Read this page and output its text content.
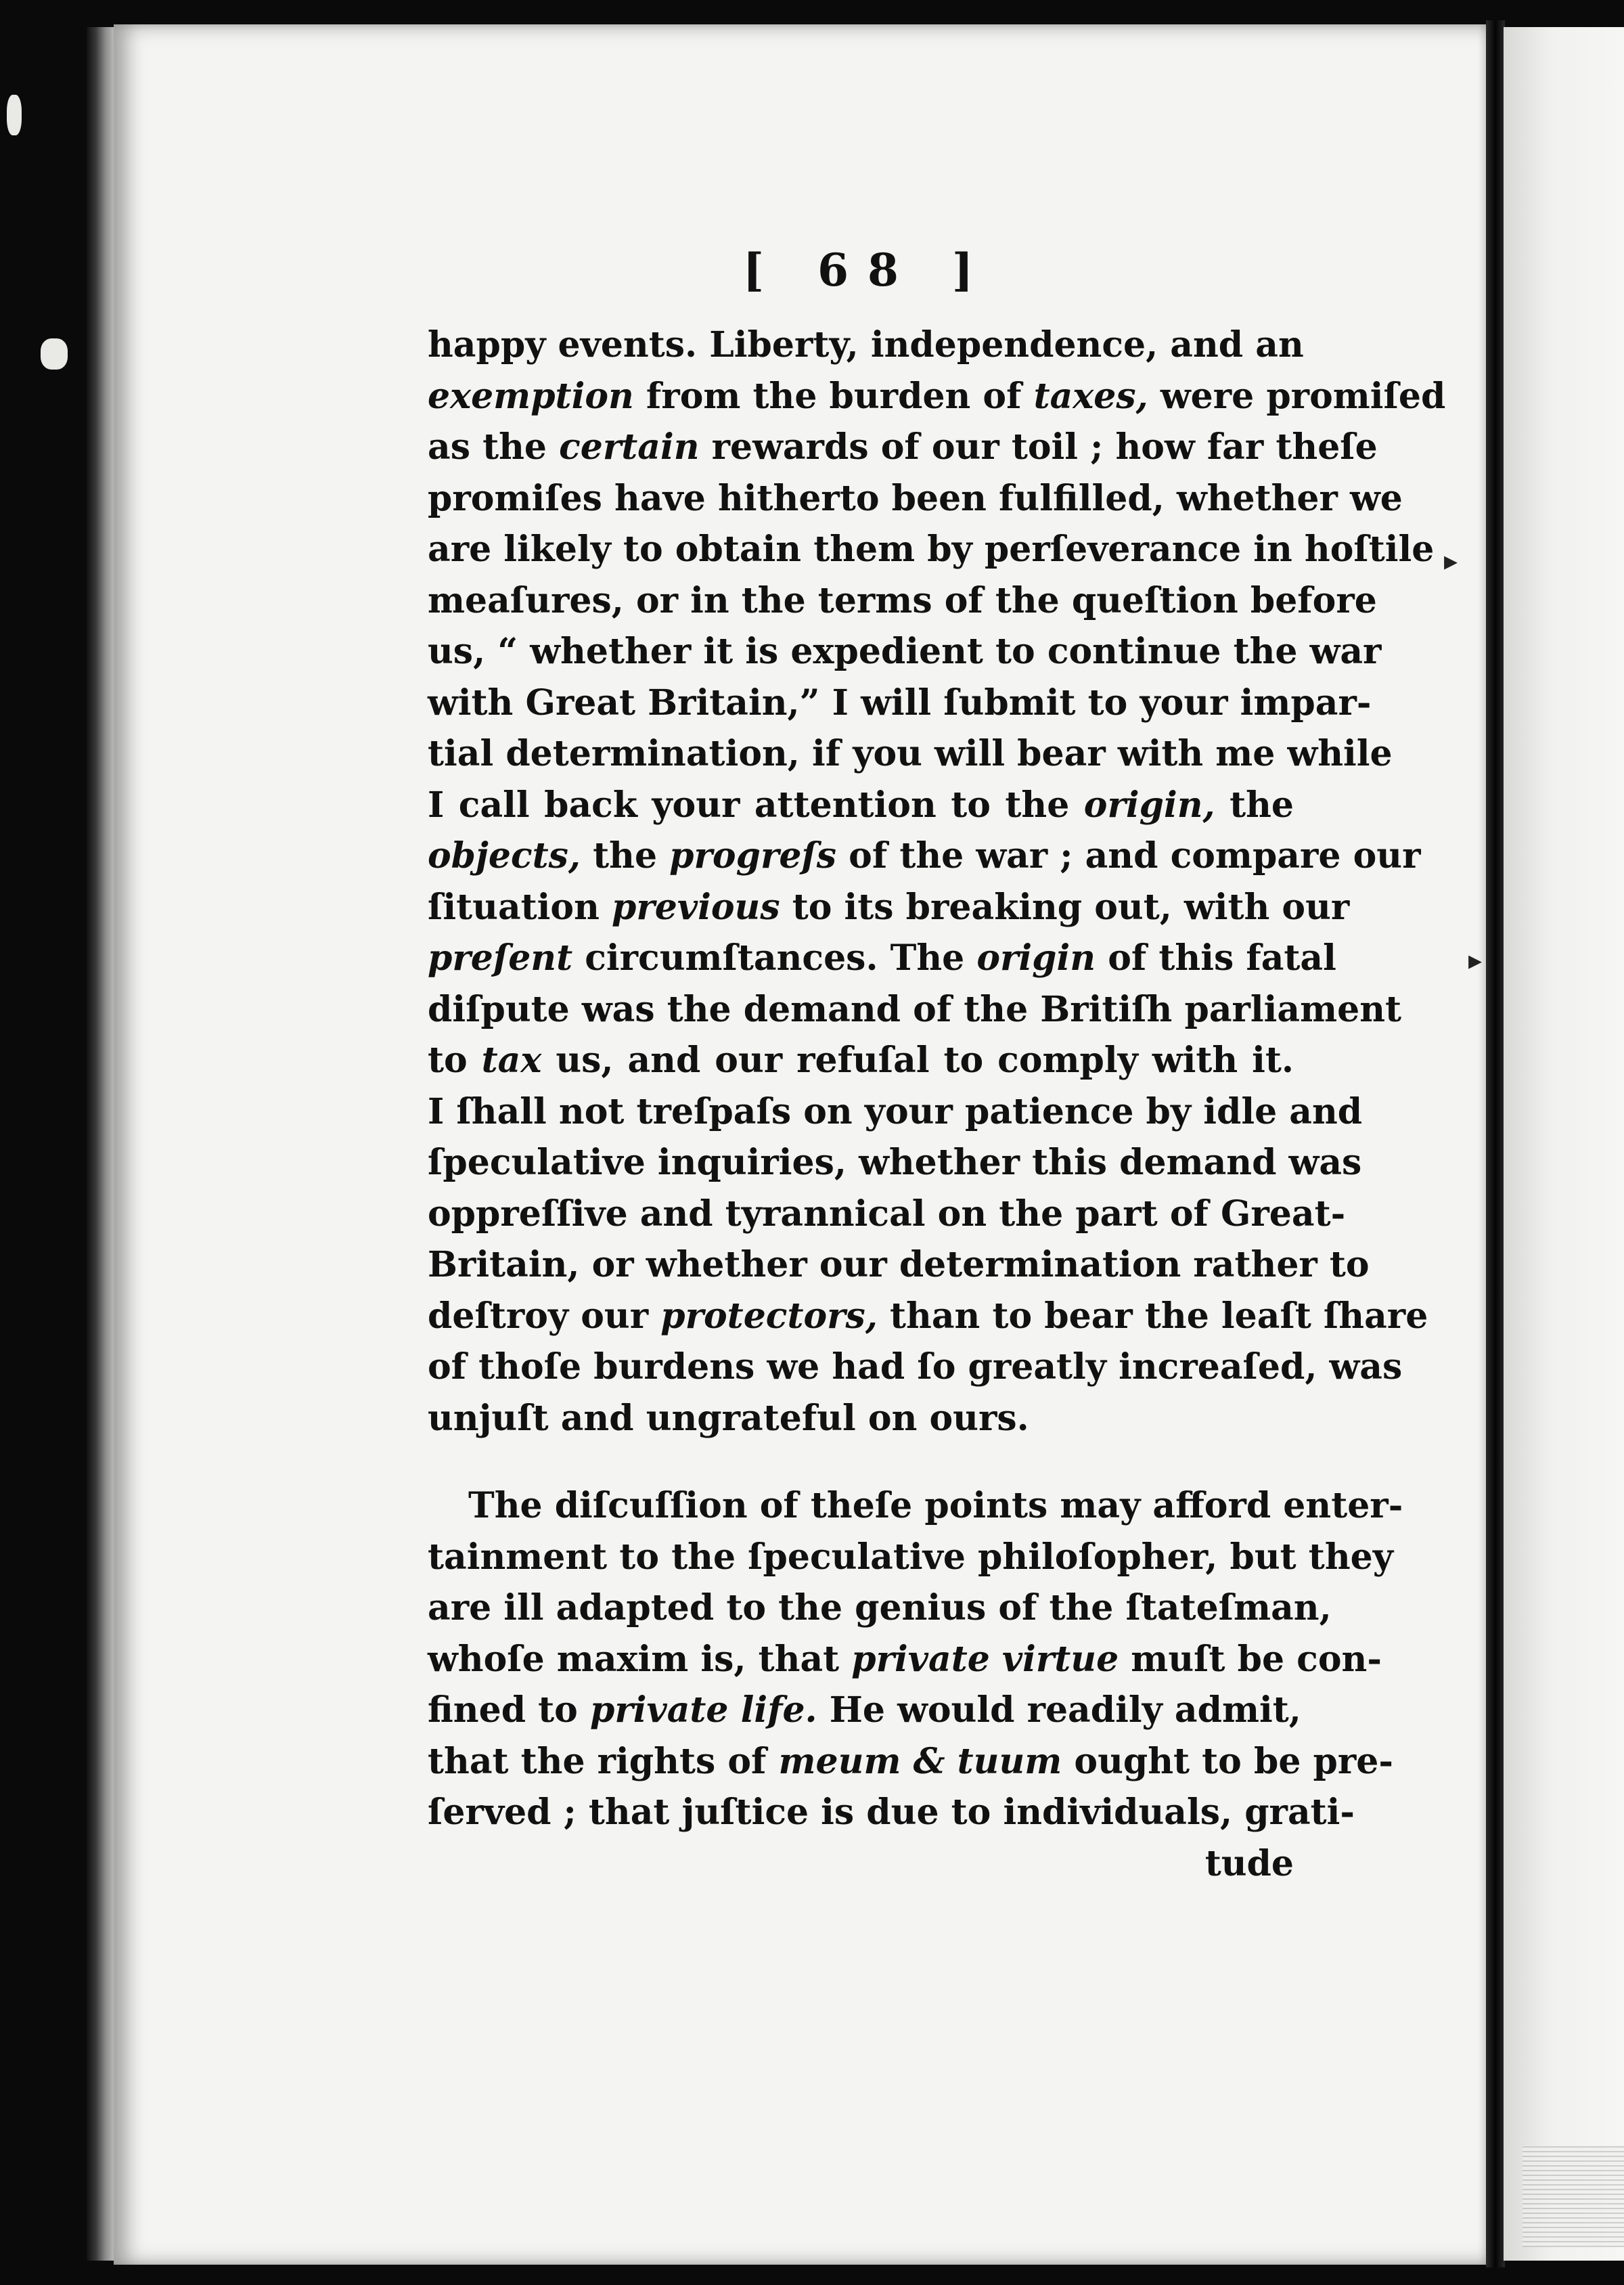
▸
▸
[ 68 ]
happy events. Liberty, independence, and an
exemption from the burden of taxes, were promiſed
as the certain rewards of our toil ; how far theſe
promiſes have hitherto been fulfilled, whether we
are likely to obtain them by perſeverance in hoſtile
meaſures, or in the terms of the queſtion before
us, “ whether it is expedient to continue the war
with Great Britain,” I will ſubmit to your impar-
tial determination, if you will bear with me while
I call back your attention to the origin, the
objects, the progreſs of the war ; and compare our
ſituation previous to its breaking out, with our
preſent circumſtances. The origin of this fatal
diſpute was the demand of the Britiſh parliament
to tax us, and our refuſal to comply with it.
I ſhall not treſpaſs on your patience by idle and
ſpeculative inquiries, whether this demand was
oppreſſive and tyrannical on the part of Great-
Britain, or whether our determination rather to
deſtroy our protectors, than to bear the leaſt ſhare
of thoſe burdens we had ſo greatly increaſed, was
unjuſt and ungrateful on ours.
The diſcuſſion of theſe points may afford enter-
tainment to the ſpeculative philoſopher, but they
are ill adapted to the genius of the ſtateſman,
whoſe maxim is, that private virtue muſt be con-
fined to private life. He would readily admit,
that the rights of meum & tuum ought to be pre-
ſerved ; that juſtice is due to individuals, grati-
tude
